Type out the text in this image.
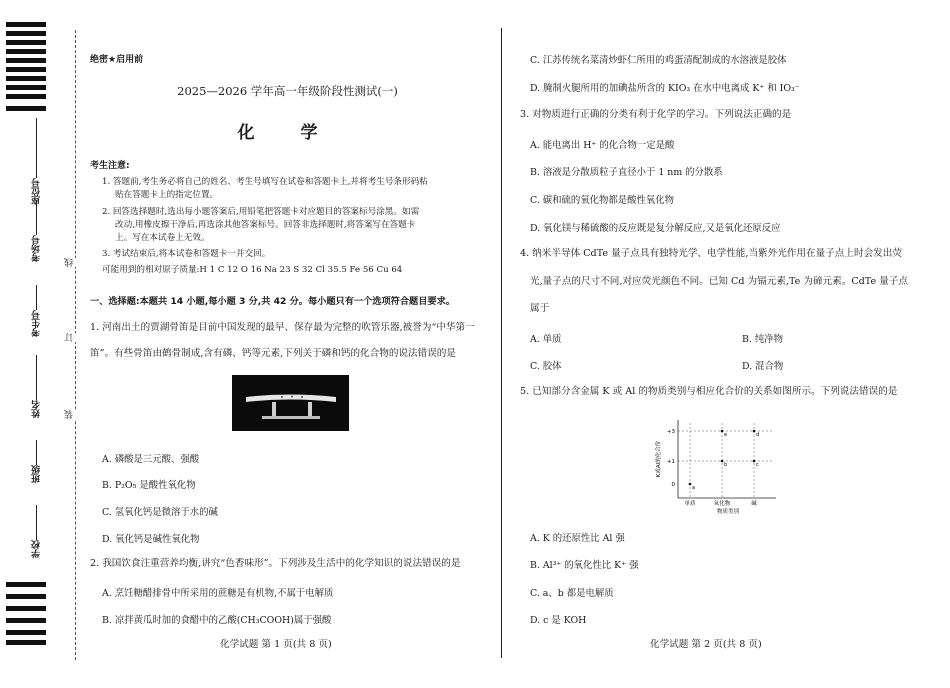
座位号
考场号
考生号
姓名
班级
学校
线
订
装
绝密★启用前
2025—2026 学年高一年级阶段性测试(一)
化 学
考生注意:
1. 答题前,考生务必将自己的姓名、考生号填写在试卷和答题卡上,并将考生号条形码粘
贴在答题卡上的指定位置。
2. 回答选择题时,选出每小题答案后,用铅笔把答题卡对应题目的答案标号涂黑。如需
改动,用橡皮擦干净后,再选涂其他答案标号。回答非选择题时,将答案写在答题卡
上。写在本试卷上无效。
3. 考试结束后,将本试卷和答题卡一并交回。
可能用到的相对原子质量:H 1 C 12 O 16 Na 23 S 32 Cl 35.5 Fe 56 Cu 64
一、选择题:本题共 14 小题,每小题 3 分,共 42 分。每小题只有一个选项符合题目要求。
1. 河南出土的贾湖骨笛是目前中国发现的最早、保存最为完整的吹管乐器,被誉为“中华第一
笛”。有些骨笛由鹤骨制成,含有磷、钙等元素,下列关于磷和钙的化合物的说法错误的是
A. 磷酸是三元酸、强酸
B. P₂O₅ 是酸性氧化物
C. 氢氧化钙是微溶于水的碱
D. 氧化钙是碱性氧化物
2. 我国饮食注重营养均衡,讲究“色香味形”。下列涉及生活中的化学知识的说法错误的是
A. 烹饪糖醋排骨中所采用的蔗糖是有机物,不属于电解质
B. 凉拌黄瓜时加的食醋中的乙酸(CH₃COOH)属于强酸
化学试题 第 1 页(共 8 页)
C. 江苏传统名菜清炒虾仁所用的鸡蛋清配制成的水溶液是胶体
D. 腌制火腿所用的加碘盐所含的 KIO₃ 在水中电离成 K⁺ 和 IO₃⁻
3. 对物质进行正确的分类有利于化学的学习。下列说法正确的是
A. 能电离出 H⁺ 的化合物一定是酸
B. 溶液是分散质粒子直径小于 1 nm 的分散系
C. 碳和硫的氧化物都是酸性氧化物
D. 氧化镁与稀硫酸的反应既是复分解反应,又是氧化还原反应
4. 纳米半导体 CdTe 量子点具有独特光学、电学性能,当紫外光作用在量子点上时会发出荧
光,量子点的尺寸不同,对应荧光颜色不同。已知 Cd 为镉元素,Te 为碲元素。CdTe 量子点
属于
A. 单质	B. 纯净物
C. 胶体	D. 混合物
5. 已知部分含金属 K 或 Al 的物质类别与相应化合价的关系如图所示。下列说法错误的是
A. K 的还原性比 Al 强
B. Al³⁺ 的氧化性比 K⁺ 强
C. a、b 都是电解质
D. c 是 KOH
化学试题 第 2 页(共 8 页)
K或Al的化合价
物质类别
0
+1
+3
单质	氧化物	碱
a
b	c
e	d
